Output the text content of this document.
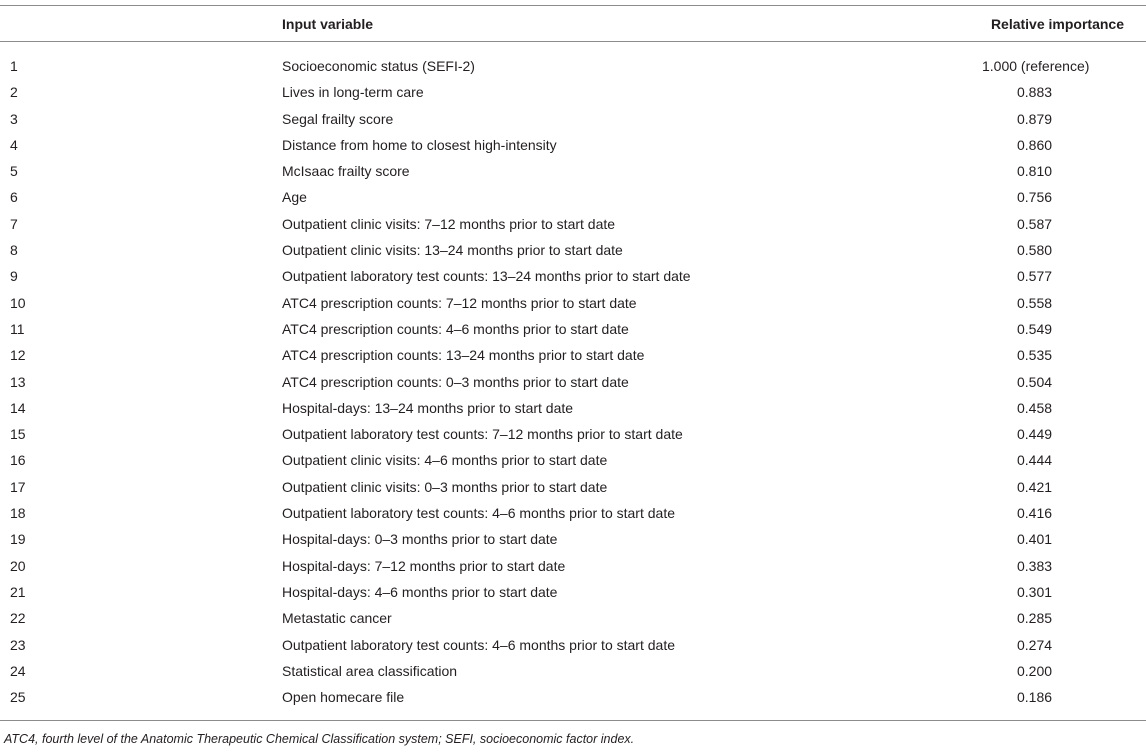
Input variable	Relative importance
1	Socioeconomic status (SEFI-2)	1.000 (reference)
2	Lives in long-term care	0.883
3	Segal frailty score	0.879
4	Distance from home to closest high-intensity	0.860
5	McIsaac frailty score	0.810
6	Age	0.756
7	Outpatient clinic visits: 7–12 months prior to start date	0.587
8	Outpatient clinic visits: 13–24 months prior to start date	0.580
9	Outpatient laboratory test counts: 13–24 months prior to start date	0.577
10	ATC4 prescription counts: 7–12 months prior to start date	0.558
11	ATC4 prescription counts: 4–6 months prior to start date	0.549
12	ATC4 prescription counts: 13–24 months prior to start date	0.535
13	ATC4 prescription counts: 0–3 months prior to start date	0.504
14	Hospital-days: 13–24 months prior to start date	0.458
15	Outpatient laboratory test counts: 7–12 months prior to start date	0.449
16	Outpatient clinic visits: 4–6 months prior to start date	0.444
17	Outpatient clinic visits: 0–3 months prior to start date	0.421
18	Outpatient laboratory test counts: 4–6 months prior to start date	0.416
19	Hospital-days: 0–3 months prior to start date	0.401
20	Hospital-days: 7–12 months prior to start date	0.383
21	Hospital-days: 4–6 months prior to start date	0.301
22	Metastatic cancer	0.285
23	Outpatient laboratory test counts: 4–6 months prior to start date	0.274
24	Statistical area classification	0.200
25	Open homecare file	0.186
ATC4, fourth level of the Anatomic Therapeutic Chemical Classification system; SEFI, socioeconomic factor index.
